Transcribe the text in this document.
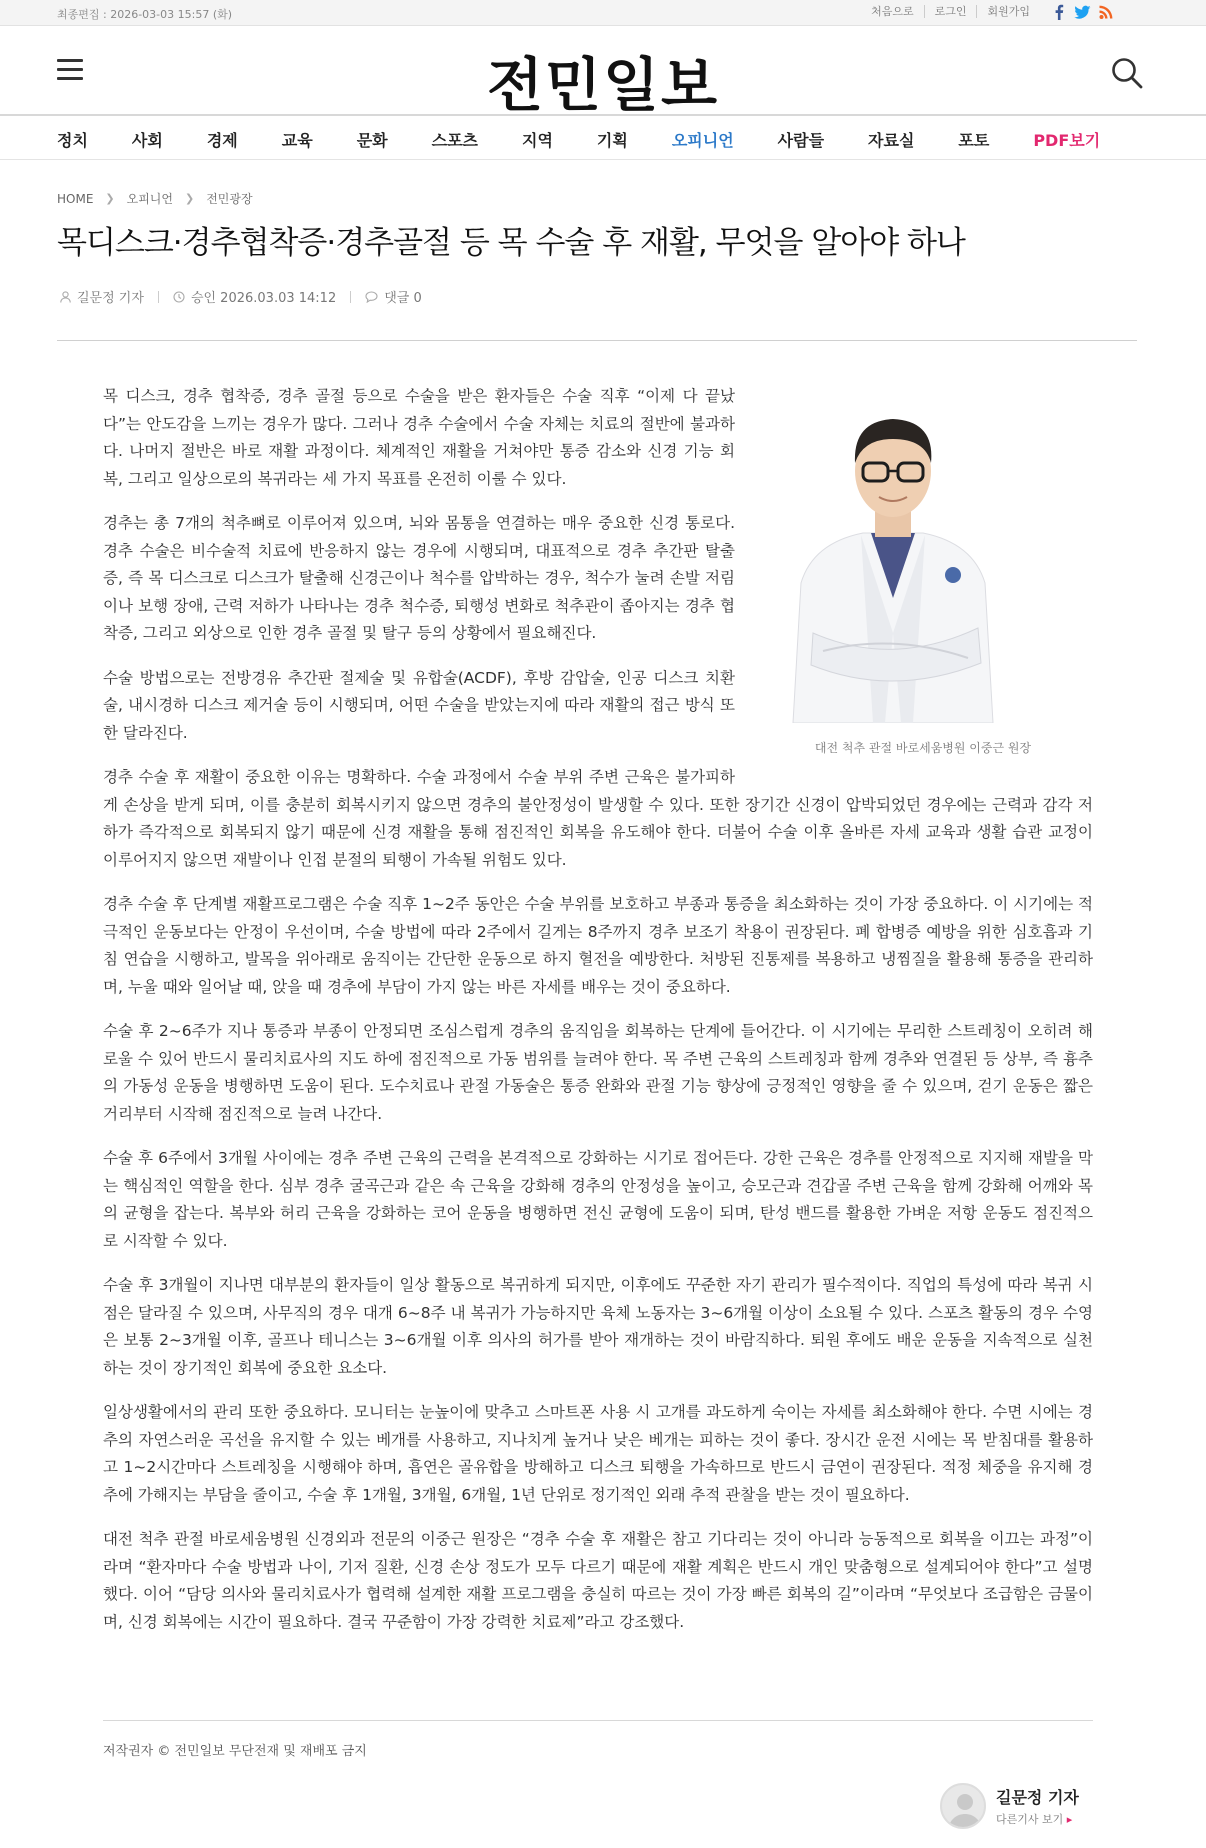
최종편집 : 2026-03-03 15:57 (화)	처음으로	로그인	회원가입
전민일보
정치	사회	경제	교육	문화	스포츠	지역	기획	오피니언	사람들	자료실	포토	PDF보기
HOME ❯ 오피니언 ❯ 전민광장
목디스크·경추협착증·경추골절 등 목 수술 후 재활, 무엇을 알아야 하나
길문정 기자	승인 2026.03.03 14:12	댓글 0
대전 척추 관절 바로세움병원 이중근 원장

목 디스크, 경추 협착증, 경추 골절 등으로 수술을 받은 환자들은 수술 직후 “이제 다 끝났다”는 안도감을 느끼는 경우가 많다. 그러나 경추 수술에서 수술 자체는 치료의 절반에 불과하다. 나머지 절반은 바로 재활 과정이다. 체계적인 재활을 거쳐야만 통증 감소와 신경 기능 회복, 그리고 일상으로의 복귀라는 세 가지 목표를 온전히 이룰 수 있다.

경추는 총 7개의 척추뼈로 이루어져 있으며, 뇌와 몸통을 연결하는 매우 중요한 신경 통로다. 경추 수술은 비수술적 치료에 반응하지 않는 경우에 시행되며, 대표적으로 경추 추간판 탈출증, 즉 목 디스크로 디스크가 탈출해 신경근이나 척수를 압박하는 경우, 척수가 눌려 손발 저림이나 보행 장애, 근력 저하가 나타나는 경추 척수증, 퇴행성 변화로 척추관이 좁아지는 경추 협착증, 그리고 외상으로 인한 경추 골절 및 탈구 등의 상황에서 필요해진다.

수술 방법으로는 전방경유 추간판 절제술 및 유합술(ACDF), 후방 감압술, 인공 디스크 치환술, 내시경하 디스크 제거술 등이 시행되며, 어떤 수술을 받았는지에 따라 재활의 접근 방식 또한 달라진다.

경추 수술 후 재활이 중요한 이유는 명확하다. 수술 과정에서 수술 부위 주변 근육은 불가피하게 손상을 받게 되며, 이를 충분히 회복시키지 않으면 경추의 불안정성이 발생할 수 있다. 또한 장기간 신경이 압박되었던 경우에는 근력과 감각 저하가 즉각적으로 회복되지 않기 때문에 신경 재활을 통해 점진적인 회복을 유도해야 한다. 더불어 수술 이후 올바른 자세 교육과 생활 습관 교정이 이루어지지 않으면 재발이나 인접 분절의 퇴행이 가속될 위험도 있다.

경추 수술 후 단계별 재활프로그램은 수술 직후 1~2주 동안은 수술 부위를 보호하고 부종과 통증을 최소화하는 것이 가장 중요하다. 이 시기에는 적극적인 운동보다는 안정이 우선이며, 수술 방법에 따라 2주에서 길게는 8주까지 경추 보조기 착용이 권장된다. 폐 합병증 예방을 위한 심호흡과 기침 연습을 시행하고, 발목을 위아래로 움직이는 간단한 운동으로 하지 혈전을 예방한다. 처방된 진통제를 복용하고 냉찜질을 활용해 통증을 관리하며, 누울 때와 일어날 때, 앉을 때 경추에 부담이 가지 않는 바른 자세를 배우는 것이 중요하다.

수술 후 2~6주가 지나 통증과 부종이 안정되면 조심스럽게 경추의 움직임을 회복하는 단계에 들어간다. 이 시기에는 무리한 스트레칭이 오히려 해로울 수 있어 반드시 물리치료사의 지도 하에 점진적으로 가동 범위를 늘려야 한다. 목 주변 근육의 스트레칭과 함께 경추와 연결된 등 상부, 즉 흉추의 가동성 운동을 병행하면 도움이 된다. 도수치료나 관절 가동술은 통증 완화와 관절 기능 향상에 긍정적인 영향을 줄 수 있으며, 걷기 운동은 짧은 거리부터 시작해 점진적으로 늘려 나간다.

수술 후 6주에서 3개월 사이에는 경추 주변 근육의 근력을 본격적으로 강화하는 시기로 접어든다. 강한 근육은 경추를 안정적으로 지지해 재발을 막는 핵심적인 역할을 한다. 심부 경추 굴곡근과 같은 속 근육을 강화해 경추의 안정성을 높이고, 승모근과 견갑골 주변 근육을 함께 강화해 어깨와 목의 균형을 잡는다. 복부와 허리 근육을 강화하는 코어 운동을 병행하면 전신 균형에 도움이 되며, 탄성 밴드를 활용한 가벼운 저항 운동도 점진적으로 시작할 수 있다.

수술 후 3개월이 지나면 대부분의 환자들이 일상 활동으로 복귀하게 되지만, 이후에도 꾸준한 자기 관리가 필수적이다. 직업의 특성에 따라 복귀 시점은 달라질 수 있으며, 사무직의 경우 대개 6~8주 내 복귀가 가능하지만 육체 노동자는 3~6개월 이상이 소요될 수 있다. 스포츠 활동의 경우 수영은 보통 2~3개월 이후, 골프나 테니스는 3~6개월 이후 의사의 허가를 받아 재개하는 것이 바람직하다. 퇴원 후에도 배운 운동을 지속적으로 실천하는 것이 장기적인 회복에 중요한 요소다.

일상생활에서의 관리 또한 중요하다. 모니터는 눈높이에 맞추고 스마트폰 사용 시 고개를 과도하게 숙이는 자세를 최소화해야 한다. 수면 시에는 경추의 자연스러운 곡선을 유지할 수 있는 베개를 사용하고, 지나치게 높거나 낮은 베개는 피하는 것이 좋다. 장시간 운전 시에는 목 받침대를 활용하고 1~2시간마다 스트레칭을 시행해야 하며, 흡연은 골유합을 방해하고 디스크 퇴행을 가속하므로 반드시 금연이 권장된다. 적정 체중을 유지해 경추에 가해지는 부담을 줄이고, 수술 후 1개월, 3개월, 6개월, 1년 단위로 정기적인 외래 추적 관찰을 받는 것이 필요하다.

대전 척추 관절 바로세움병원 신경외과 전문의 이중근 원장은 “경추 수술 후 재활은 참고 기다리는 것이 아니라 능동적으로 회복을 이끄는 과정”이라며 “환자마다 수술 방법과 나이, 기저 질환, 신경 손상 정도가 모두 다르기 때문에 재활 계획은 반드시 개인 맞춤형으로 설계되어야 한다”고 설명했다. 이어 “담당 의사와 물리치료사가 협력해 설계한 재활 프로그램을 충실히 따르는 것이 가장 빠른 회복의 길”이라며 “무엇보다 조급함은 금물이며, 신경 회복에는 시간이 필요하다. 결국 꾸준함이 가장 강력한 치료제”라고 강조했다.

저작권자 © 전민일보 무단전재 및 재배포 금지
길문정 기자
다른기사 보기 ▸
